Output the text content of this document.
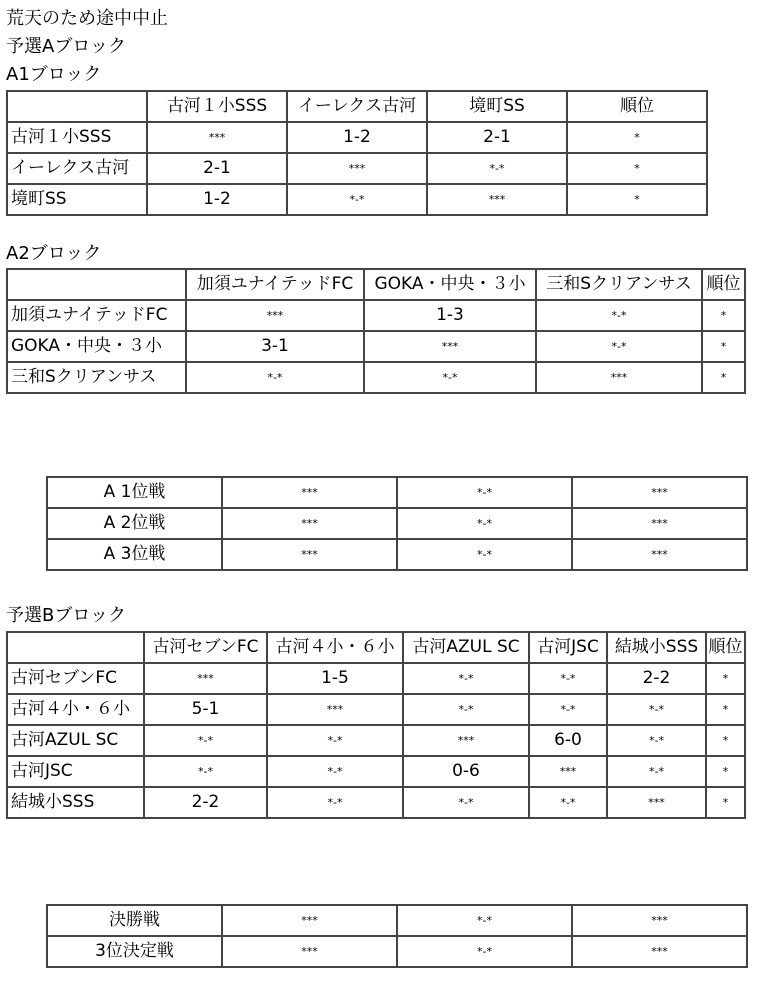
荒天のため途中中止
予選Aブロック
A1ブロック
	古河１小SSS	イーレクス古河	境町SS	順位
古河１小SSS	***	1-2	2-1	*
イーレクス古河	2-1	***	*-*	*
境町SS	1-2	*-*	***	*
A2ブロック
	加須ユナイテッドFC	GOKA・中央・３小	三和Sクリアンサス	順位
加須ユナイテッドFC	***	1-3	*-*	*
GOKA・中央・３小	3-1	***	*-*	*
三和Sクリアンサス	*-*	*-*	***	*
A 1位戦	***	*-*	***
A 2位戦	***	*-*	***
A 3位戦	***	*-*	***
予選Bブロック
	古河セブンFC	古河４小・６小	古河AZUL SC	古河JSC	結城小SSS	順位
古河セブンFC	***	1-5	*-*	*-*	2-2	*
古河４小・６小	5-1	***	*-*	*-*	*-*	*
古河AZUL SC	*-*	*-*	***	6-0	*-*	*
古河JSC	*-*	*-*	0-6	***	*-*	*
結城小SSS	2-2	*-*	*-*	*-*	***	*
決勝戦	***	*-*	***
3位決定戦	***	*-*	***
